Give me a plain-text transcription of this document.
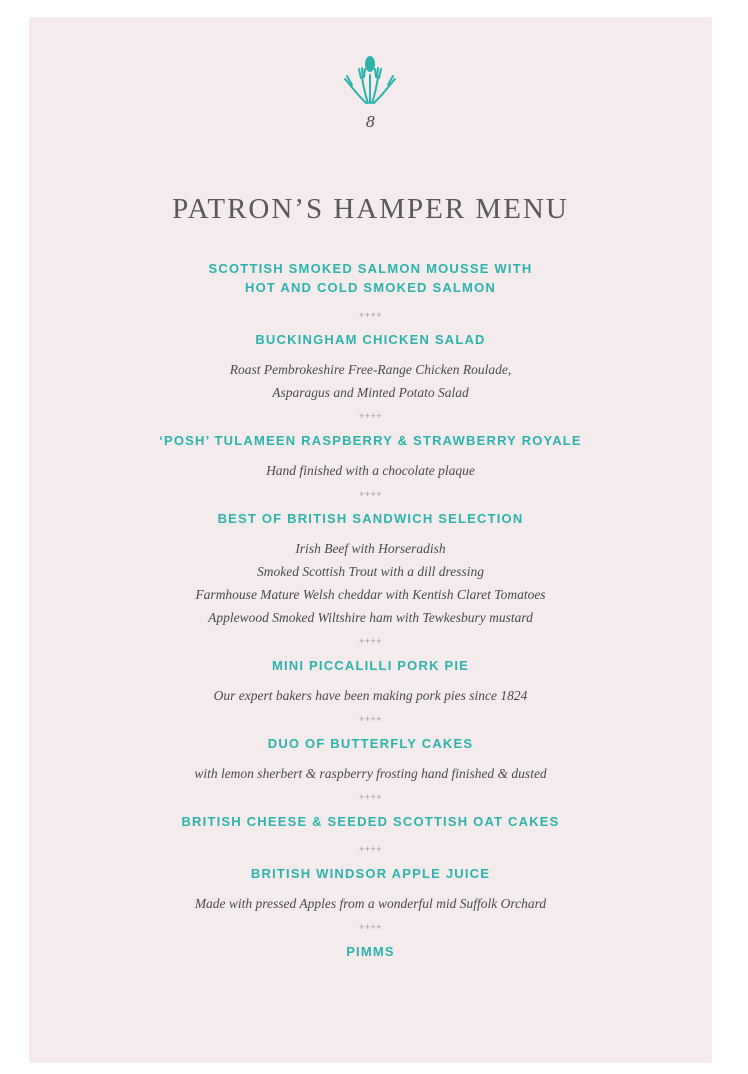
8
PATRON’S HAMPER MENU
SCOTTISH SMOKED SALMON MOUSSE WITH
HOT AND COLD SMOKED SALMON
++++
BUCKINGHAM CHICKEN SALAD
Roast Pembrokeshire Free-Range Chicken Roulade,
Asparagus and Minted Potato Salad
++++
‘POSH’ TULAMEEN RASPBERRY & STRAWBERRY ROYALE
Hand finished with a chocolate plaque
++++
BEST OF BRITISH SANDWICH SELECTION
Irish Beef with Horseradish
Smoked Scottish Trout with a dill dressing
Farmhouse Mature Welsh cheddar with Kentish Claret Tomatoes
Applewood Smoked Wiltshire ham with Tewkesbury mustard
++++
MINI PICCALILLI PORK PIE
Our expert bakers have been making pork pies since 1824
++++
DUO OF BUTTERFLY CAKES
with lemon sherbert & raspberry frosting hand finished & dusted
++++
BRITISH CHEESE & SEEDED SCOTTISH OAT CAKES
++++
BRITISH WINDSOR APPLE JUICE
Made with pressed Apples from a wonderful mid Suffolk Orchard
++++
PIMMS
